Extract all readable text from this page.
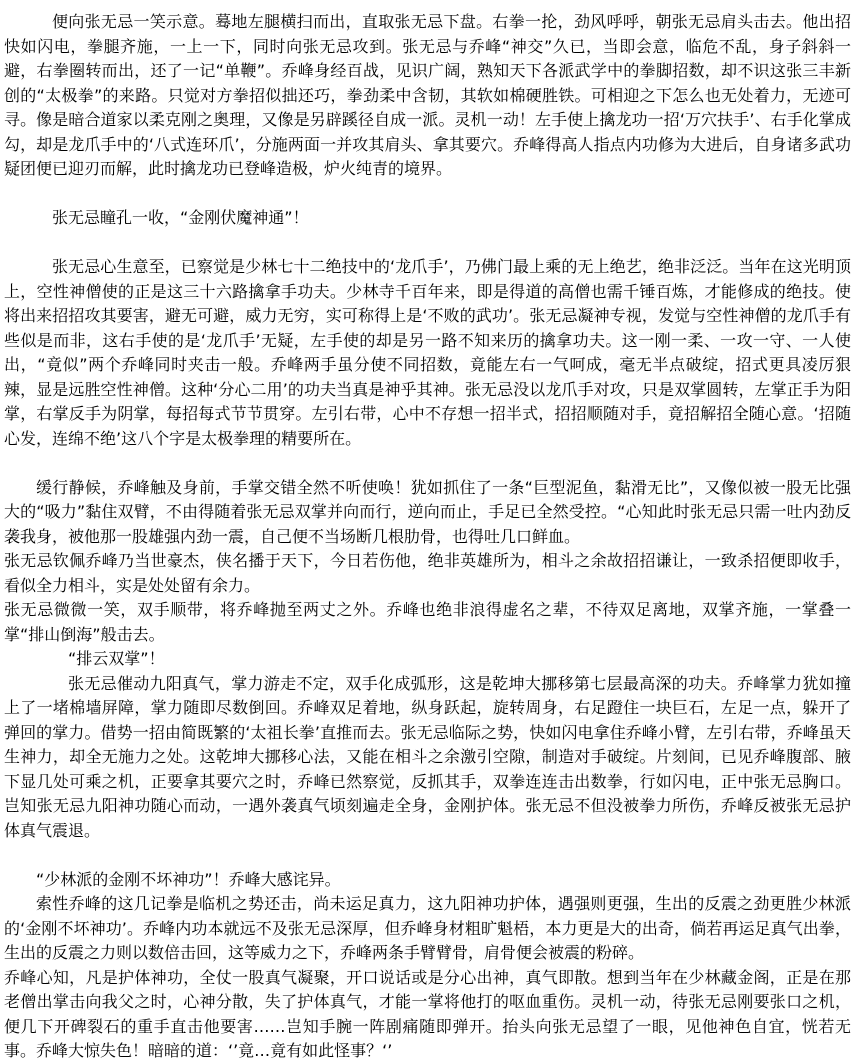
便向张无忌一笑示意。蓦地左腿横扫而出，直取张无忌下盘。右拳一抡，劲风呼呼，朝张无忌肩头击去。他出招快如闪电，拳腿齐施，一上一下，同时向张无忌攻到。张无忌与乔峰“神交”久已，当即会意，临危不乱，身子斜斜一避，右拳圈转而出，还了一记“单鞭”。乔峰身经百战，见识广阔，熟知天下各派武学中的拳脚招数，却不识这张三丰新创的“太极拳”的来路。只觉对方拳招似拙还巧，拳劲柔中含韧，其软如棉硬胜铁。可相迎之下怎么也无处着力，无迹可寻。像是暗合道家以柔克刚之奥理，又像是另辟蹊径自成一派。灵机一动！左手使上擒龙功一招‘万穴扶手’、右手化掌成勾，却是龙爪手中的‘八式连环爪’，分施两面一并攻其肩头、拿其要穴。乔峰得高人指点内功修为大进后，自身诸多武功疑团便已迎刃而解，此时擒龙功已登峰造极，炉火纯青的境界。

张无忌瞳孔一收，“金刚伏魔神通”！

张无忌心生意至，已察觉是少林七十二绝技中的‘龙爪手’，乃佛门最上乘的无上绝艺，绝非泛泛。当年在这光明顶上，空性神僧使的正是这三十六路擒拿手功夫。少林寺千百年来，即是得道的高僧也需千锤百炼，才能修成的绝技。使将出来招招攻其要害，避无可避，威力无穷，实可称得上是‘不败的武功’。张无忌凝神专视，发觉与空性神僧的龙爪手有些似是而非，这右手使的是‘龙爪手’无疑，左手使的却是另一路不知来历的擒拿功夫。这一刚一柔、一攻一守、一人使出，“竟似”两个乔峰同时夹击一般。乔峰两手虽分使不同招数，竟能左右一气呵成，毫无半点破绽，招式更具凌厉狠辣，显是远胜空性神僧。这种‘分心二用’的功夫当真是神乎其神。张无忌没以龙爪手对攻，只是双掌圆转，左掌正手为阳掌，右掌反手为阴掌，每招每式节节贯穿。左引右带，心中不存想一招半式，招招顺随对手，竟招解招全随心意。‘招随心发，连绵不绝’这八个字是太极拳理的精要所在。

缓行静候，乔峰触及身前，手掌交错全然不听使唤！犹如抓住了一条“巨型泥鱼，黏滑无比”，又像似被一股无比强大的“吸力”黏住双臂，不由得随着张无忌双掌并向而行，逆向而止，手足已全然受控。“心知此时张无忌只需一吐内劲反袭我身，被他那一股雄强内劲一震，自己便不当场断几根肋骨，也得吐几口鲜血。

张无忌钦佩乔峰乃当世豪杰，侠名播于天下，今日若伤他，绝非英雄所为，相斗之余故招招谦让，一致杀招便即收手，看似全力相斗，实是处处留有余力。

张无忌微微一笑，双手顺带，将乔峰抛至两丈之外。乔峰也绝非浪得虚名之辈，不待双足离地，双掌齐施，一掌叠一掌“排山倒海”般击去。

“排云双掌”！

张无忌催动九阳真气，掌力游走不定，双手化成弧形，这是乾坤大挪移第七层最高深的功夫。乔峰掌力犹如撞上了一堵棉墙屏障，掌力随即尽数倒回。乔峰双足着地，纵身跃起，旋转周身，右足蹬住一块巨石，左足一点，躲开了弹回的掌力。借势一招由简既繁的‘太祖长拳’直推而去。张无忌临际之势，快如闪电拿住乔峰小臂，左引右带，乔峰虽天生神力，却全无施力之处。这乾坤大挪移心法，又能在相斗之余激引空隙，制造对手破绽。片刻间，已见乔峰腹部、腋下显几处可乘之机，正要拿其要穴之时，乔峰已然察觉，反抓其手，双拳连连击出数拳，行如闪电，正中张无忌胸口。岂知张无忌九阳神功随心而动，一遇外袭真气顷刻遍走全身，金刚护体。张无忌不但没被拳力所伤，乔峰反被张无忌护体真气震退。

“少林派的金刚不坏神功”！乔峰大感诧异。

索性乔峰的这几记拳是临机之势还击，尚未运足真力，这九阳神功护体，遇强则更强，生出的反震之劲更胜少林派的‘金刚不坏神功’。乔峰内功本就远不及张无忌深厚，但乔峰身材粗旷魁梧，本力更是大的出奇，倘若再运足真气出拳，生出的反震之力则以数倍击回，这等威力之下，乔峰两条手臂臂骨，肩骨便会被震的粉碎。

乔峰心知，凡是护体神功，全仗一股真气凝聚，开口说话或是分心出神，真气即散。想到当年在少林藏金阁，正是在那老僧出掌击向我父之时，心神分散，失了护体真气，才能一掌将他打的呕血重伤。灵机一动，待张无忌刚要张口之机，便几下开碑裂石的重手直击他要害……岂知手腕一阵剧痛随即弹开。抬头向张无忌望了一眼，见他神色自宜，恍若无事。乔峰大惊失色！暗暗的道：‘’竟…竟有如此怪事？‘’
